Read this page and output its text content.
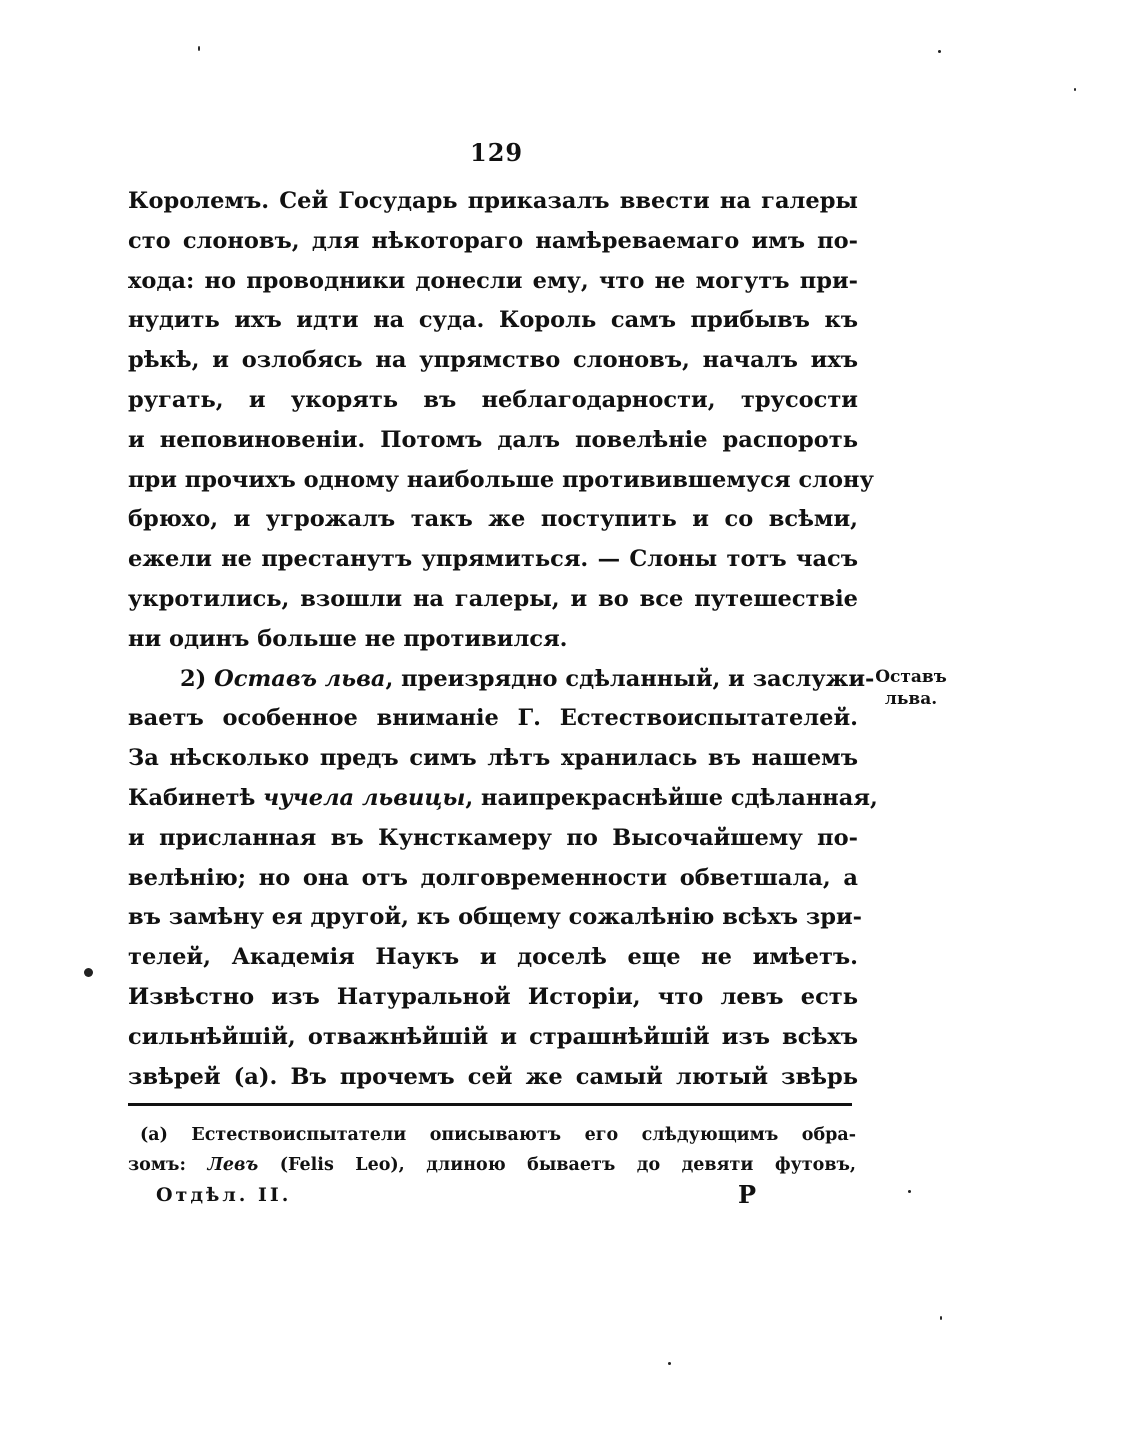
129
Королемъ. Сей Государь приказалъ ввести на галеры
сто слоновъ, для нѣкотораго намѣреваемаго имъ по-
хода: но проводники донесли ему, что не могутъ при-
нудить ихъ идти на суда. Король самъ прибывъ къ
рѣкѣ, и озлобясь на упрямство слоновъ, началъ ихъ
ругать, и укорять въ неблагодарности, трусости
и неповиновеніи. Потомъ далъ повелѣніе распороть
при прочихъ одному наибольше противившемуся слону
брюхо, и угрожалъ такъ же поступить и со всѣми,
ежели не престанутъ упрямиться. — Слоны тотъ часъ
укротились, взошли на галеры, и во все путешествіе
ни одинъ больше не противился.
2) Оставъ льва, преизрядно сдѣланный, и заслужи-
ваетъ особенное вниманіе Г. Естествоиспытателей.
За нѣсколько предъ симъ лѣтъ хранилась въ нашемъ
Кабинетѣ чучела львицы, наипрекраснѣйше сдѣланная,
и присланная въ Кунсткамеру по Высочайшему по-
велѣнію; но она отъ долговременности обветшала, а
въ замѣну ея другой, къ общему сожалѣнію всѣхъ зри-
телей, Академія Наукъ и доселѣ еще не имѣетъ.
Извѣстно изъ Натуральной Исторіи, что левъ есть
сильнѣйшій, отважнѣйшій и страшнѣйшій изъ всѣхъ
звѣрей (а). Въ прочемъ сей же самый лютый звѣрь
Оставъ
льва.
(а) Естествоиспытатели описываютъ его слѣдующимъ обра-
зомъ: Левъ (Felis Leo), длиною бываетъ до девяти футовъ,
Отдѣл. II.	Р
